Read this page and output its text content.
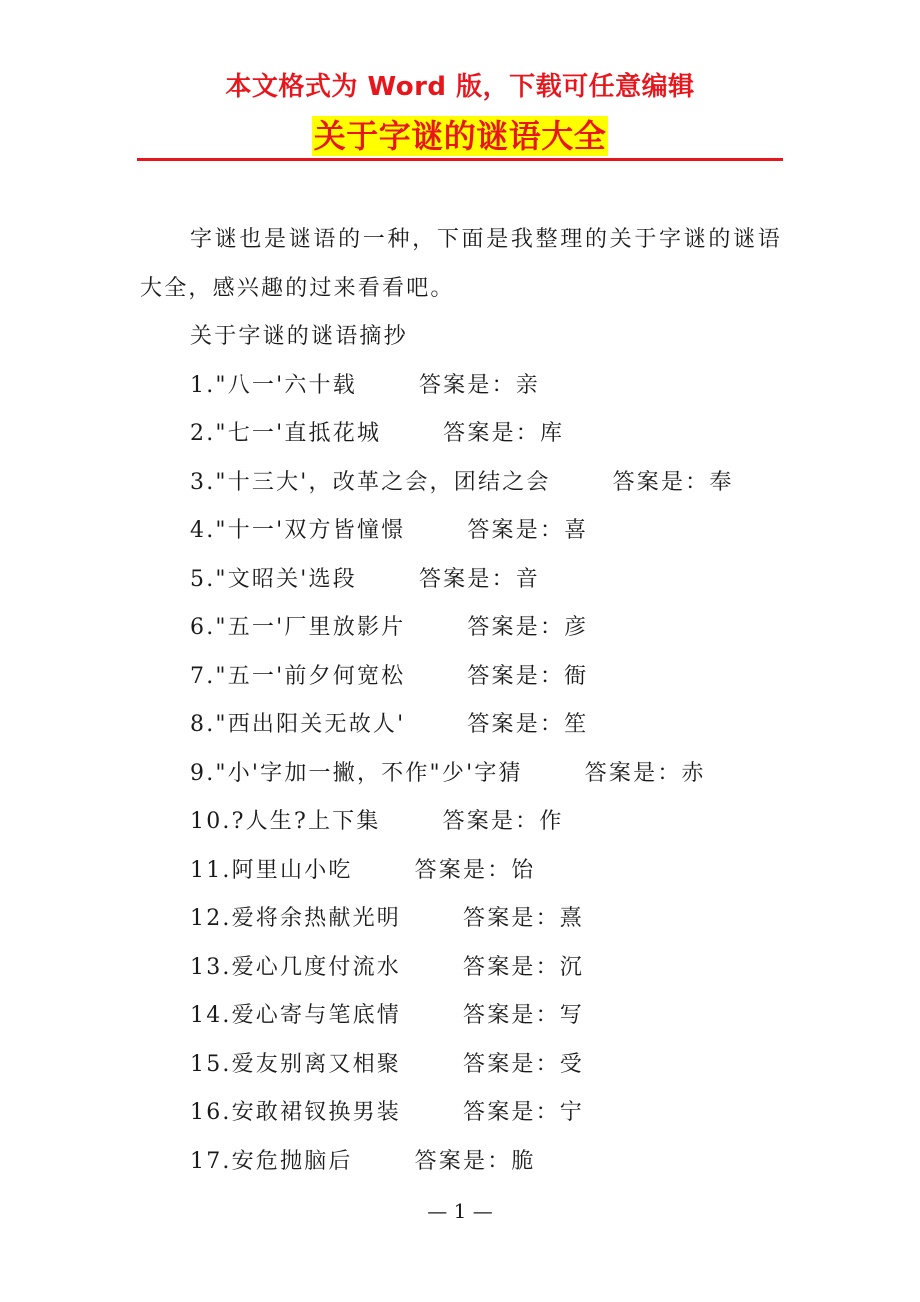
本文格式为 Word 版，下载可任意编辑
关于字谜的谜语大全

字谜也是谜语的一种，下面是我整理的关于字谜的谜语大全，感兴趣的过来看看吧。

关于字谜的谜语摘抄

1."八一'六十载	答案是：亲

2."七一'直抵花城	答案是：库

3."十三大'，改革之会，团结之会	答案是：奉

4."十一'双方皆憧憬	答案是：喜

5."文昭关'选段	答案是：音

6."五一'厂里放影片	答案是：彦

7."五一'前夕何宽松	答案是：衙

8."西出阳关无故人'	答案是：笙

9."小'字加一撇，不作"少'字猜	答案是：赤

10.?人生?上下集	答案是：作

11.阿里山小吃	答案是：饴

12.爱将余热献光明	答案是：熹

13.爱心几度付流水	答案是：沉

14.爱心寄与笔底情	答案是：写

15.爱友别离又相聚	答案是：受

16.安敢裙钗换男装	答案是：宁

17.安危抛脑后	答案是：脆

— 1 —
